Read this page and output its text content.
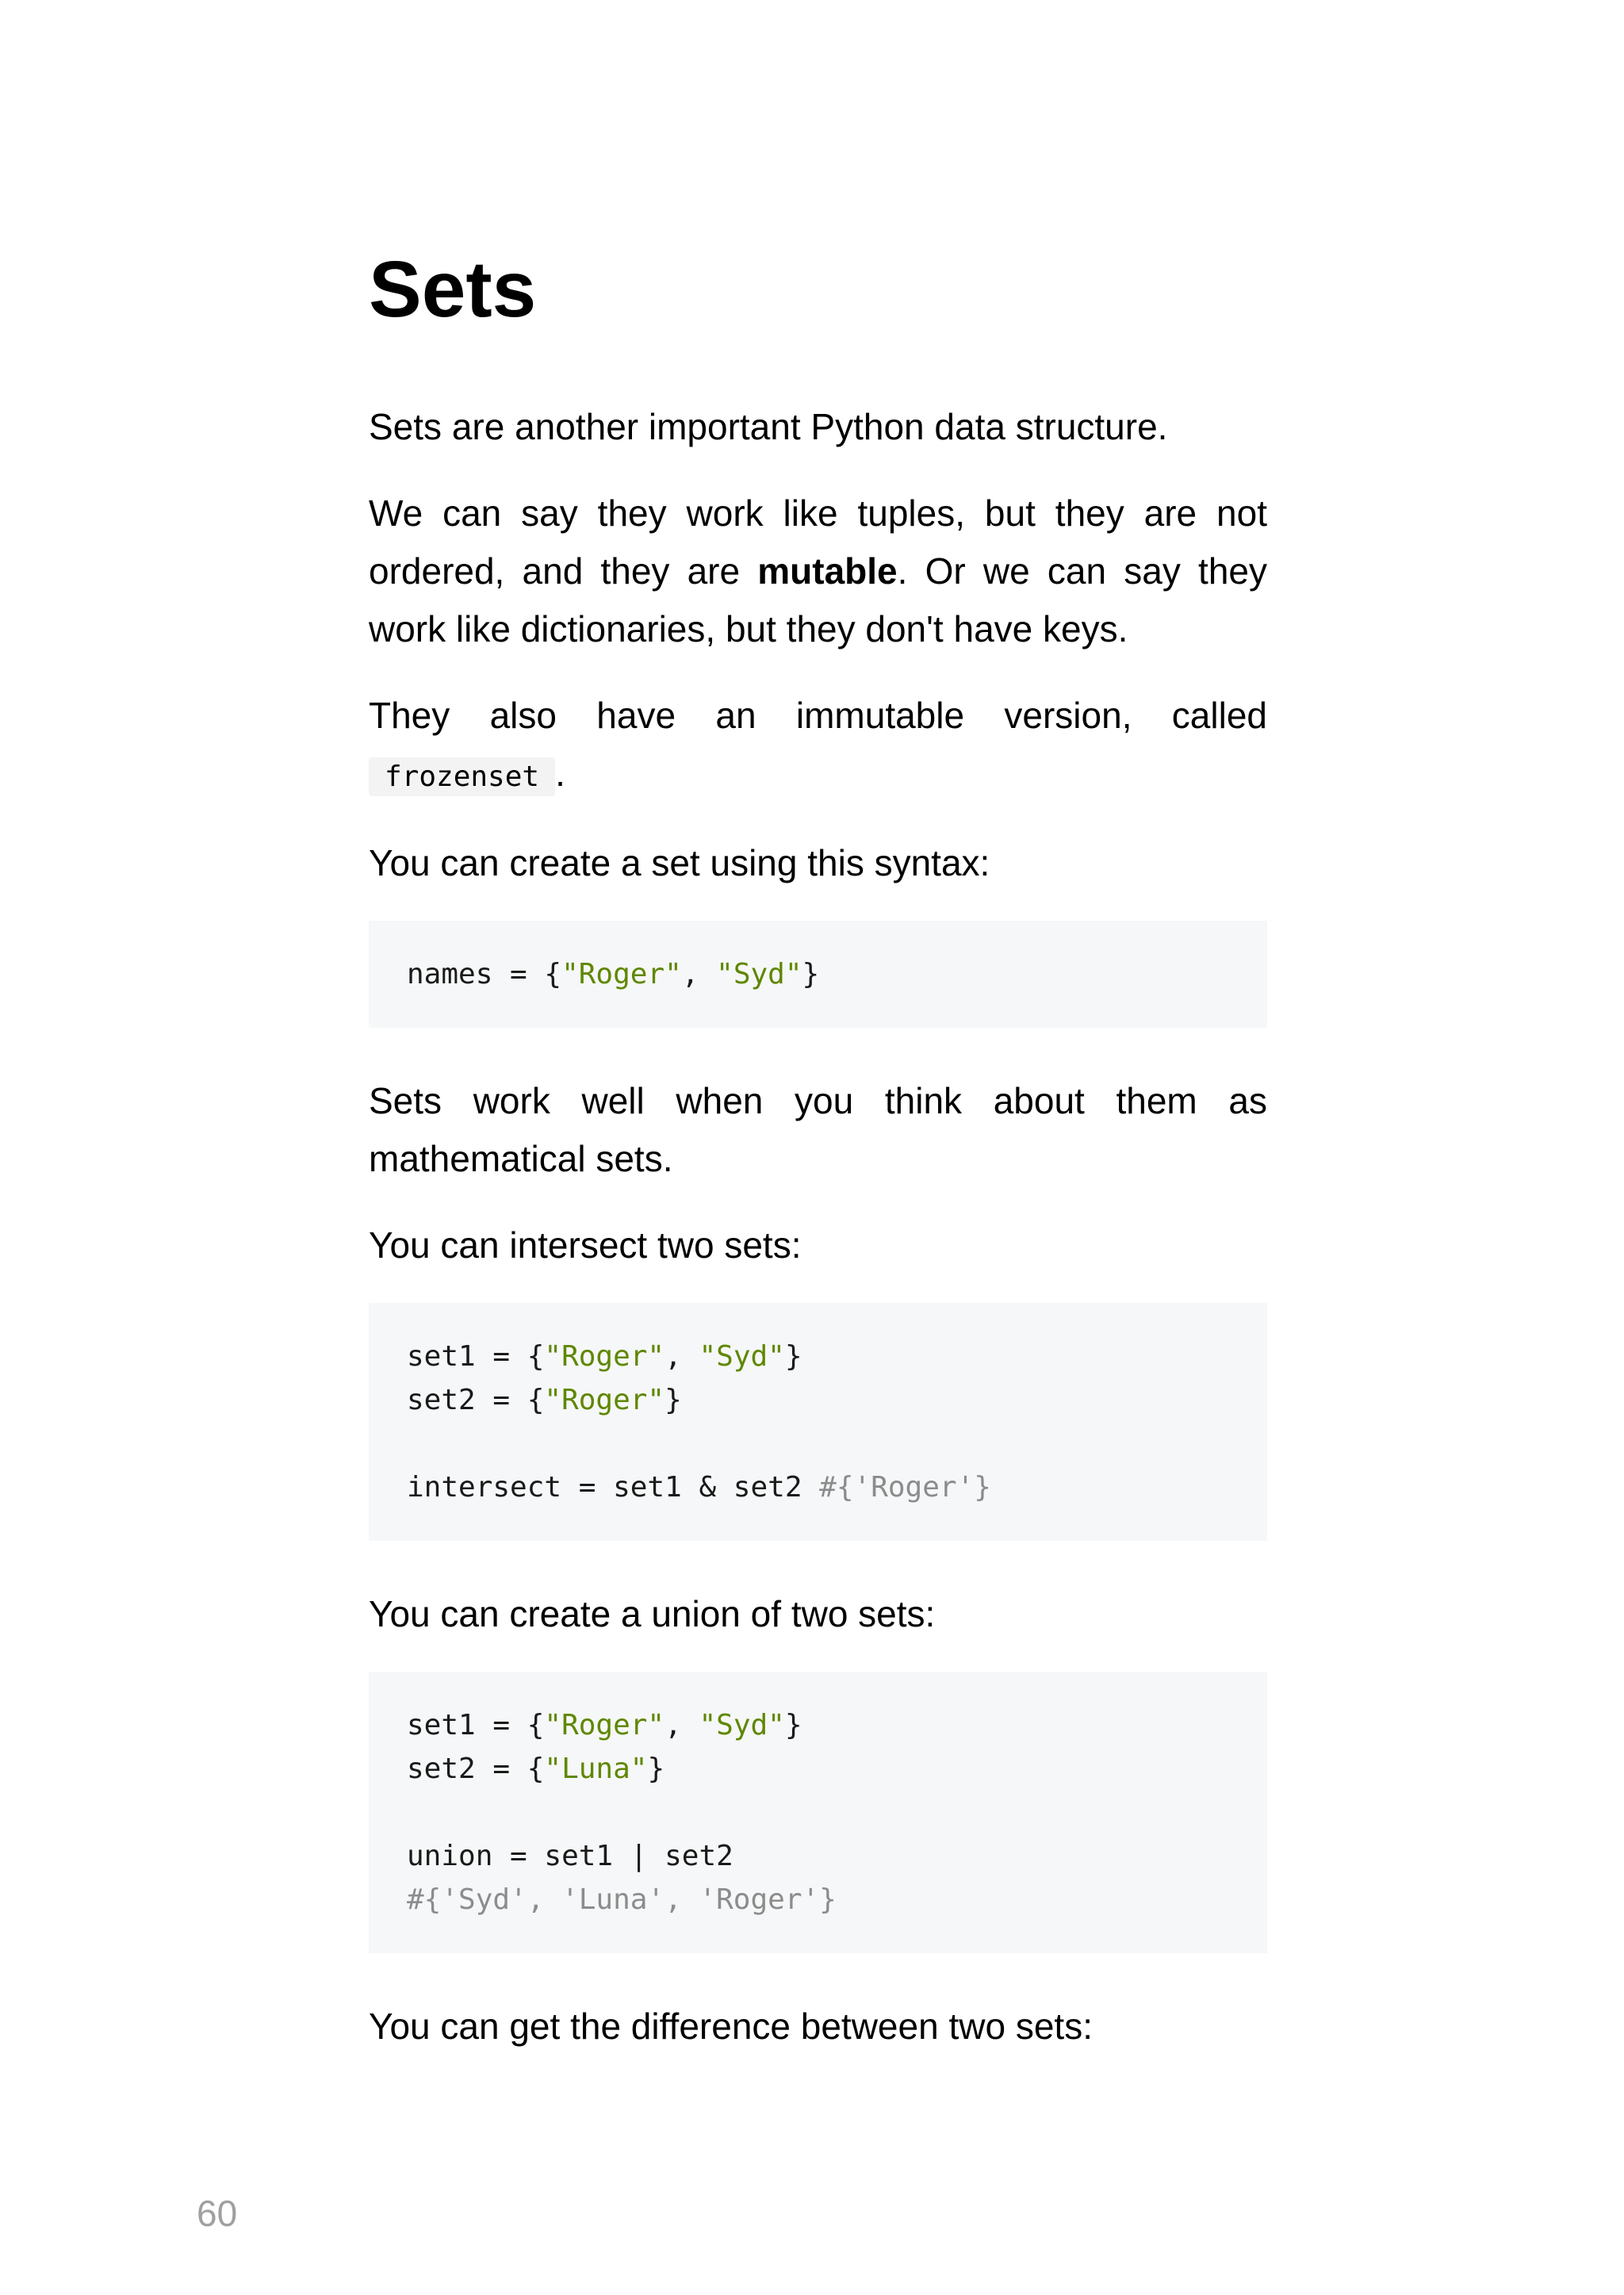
Sets

Sets are another important Python data structure.

We can say they work like tuples, but they are not ordered, and they are mutable. Or we can say they work like dictionaries, but they don't have keys.

They also have an immutable version, called frozenset .

You can create a set using this syntax:

names = {"Roger", "Syd"}

Sets work well when you think about them as mathematical sets.

You can intersect two sets:

set1 = {"Roger", "Syd"}
set2 = {"Roger"}

intersect = set1 & set2 #{'Roger'}

You can create a union of two sets:

set1 = {"Roger", "Syd"}
set2 = {"Luna"}

union = set1 | set2
#{'Syd', 'Luna', 'Roger'}

You can get the difference between two sets:

60
